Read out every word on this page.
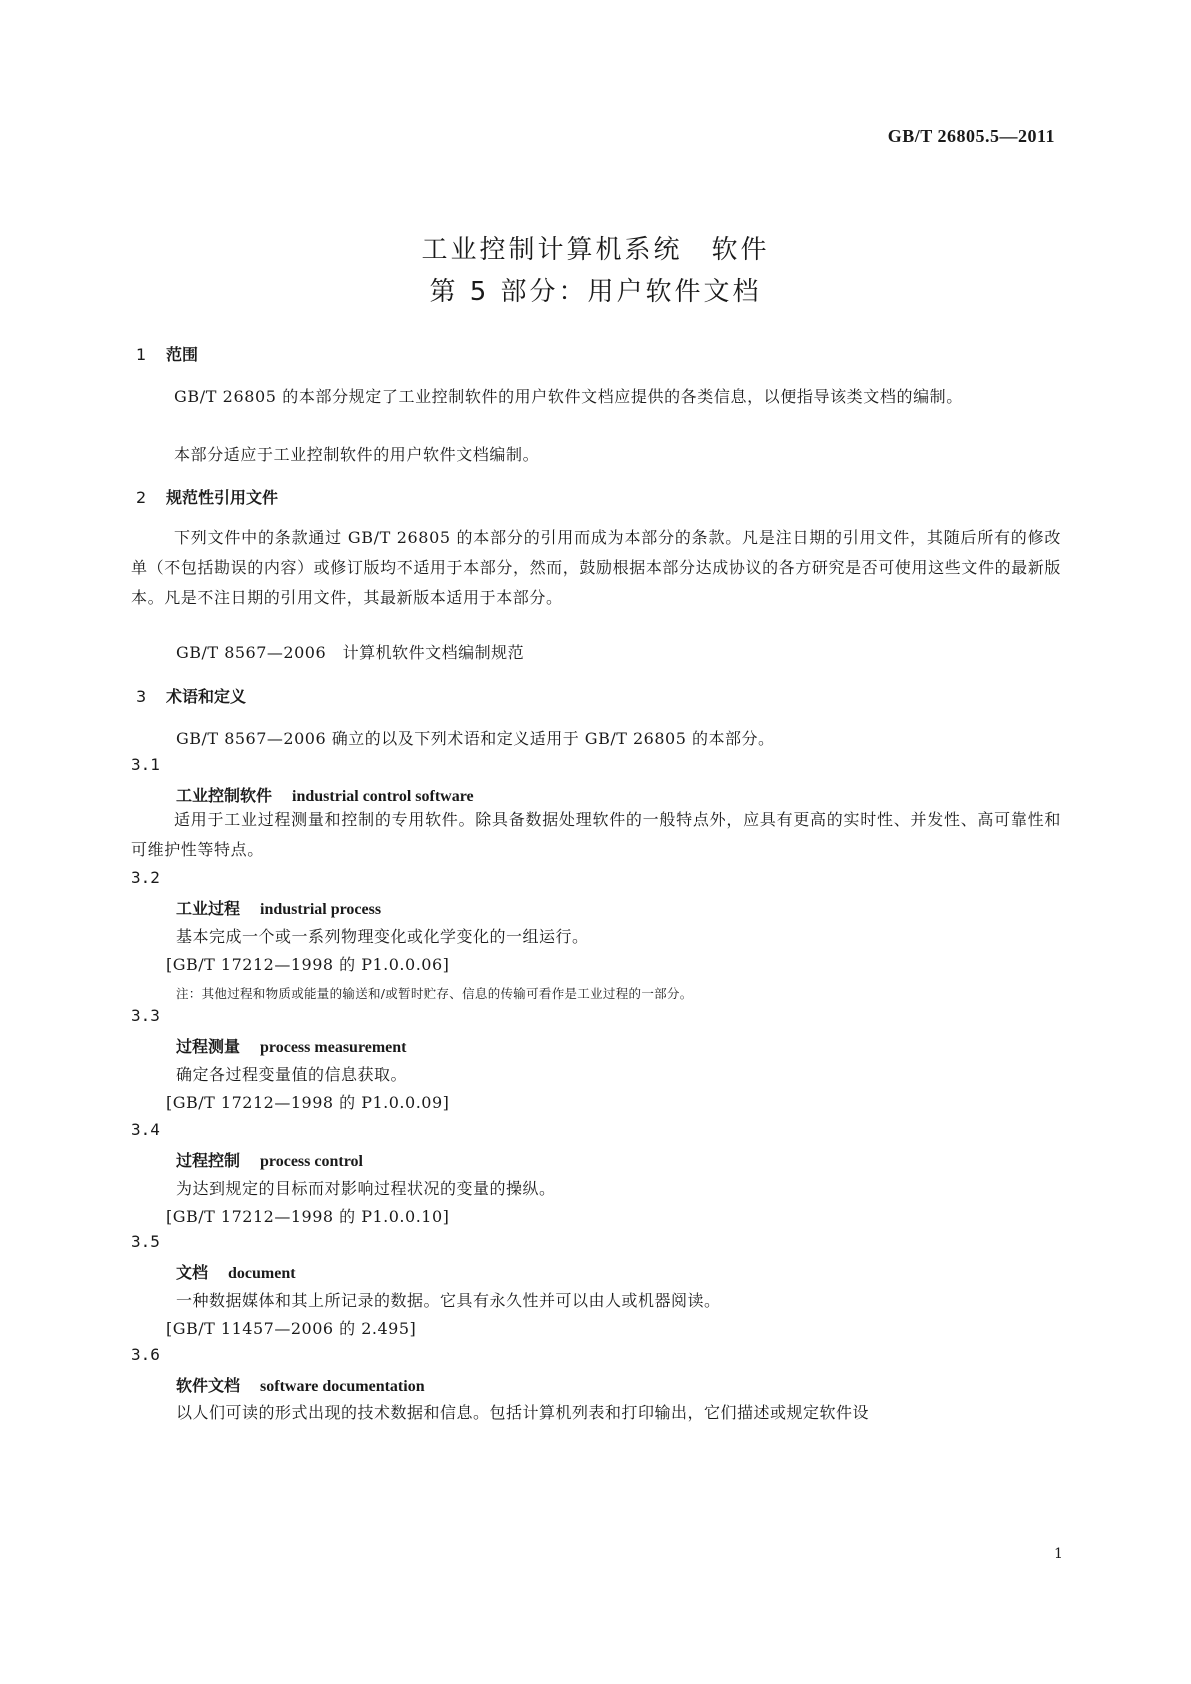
GB/T 26805.5—2011
工业控制计算机系统　软件
第 5 部分：用户软件文档
1 范围
GB/T 26805 的本部分规定了工业控制软件的用户软件文档应提供的各类信息，以便指导该类文档的编制。
本部分适应于工业控制软件的用户软件文档编制。
2 规范性引用文件
下列文件中的条款通过 GB/T 26805 的本部分的引用而成为本部分的条款。凡是注日期的引用文件，其随后所有的修改单（不包括勘误的内容）或修订版均不适用于本部分，然而，鼓励根据本部分达成协议的各方研究是否可使用这些文件的最新版本。凡是不注日期的引用文件，其最新版本适用于本部分。
GB/T 8567—2006　计算机软件文档编制规范
3 术语和定义
GB/T 8567—2006 确立的以及下列术语和定义适用于 GB/T 26805 的本部分。
3.1
工业控制软件 industrial control software
适用于工业过程测量和控制的专用软件。除具备数据处理软件的一般特点外，应具有更高的实时性、并发性、高可靠性和可维护性等特点。
3.2
工业过程 industrial process
基本完成一个或一系列物理变化或化学变化的一组运行。
[GB/T 17212—1998 的 P1.0.0.06]
注：其他过程和物质或能量的输送和/或暂时贮存、信息的传输可看作是工业过程的一部分。
3.3
过程测量 process measurement
确定各过程变量值的信息获取。
[GB/T 17212—1998 的 P1.0.0.09]
3.4
过程控制 process control
为达到规定的目标而对影响过程状况的变量的操纵。
[GB/T 17212—1998 的 P1.0.0.10]
3.5
文档 document
一种数据媒体和其上所记录的数据。它具有永久性并可以由人或机器阅读。
[GB/T 11457—2006 的 2.495]
3.6
软件文档 software documentation
以人们可读的形式出现的技术数据和信息。包括计算机列表和打印输出，它们描述或规定软件设
1
